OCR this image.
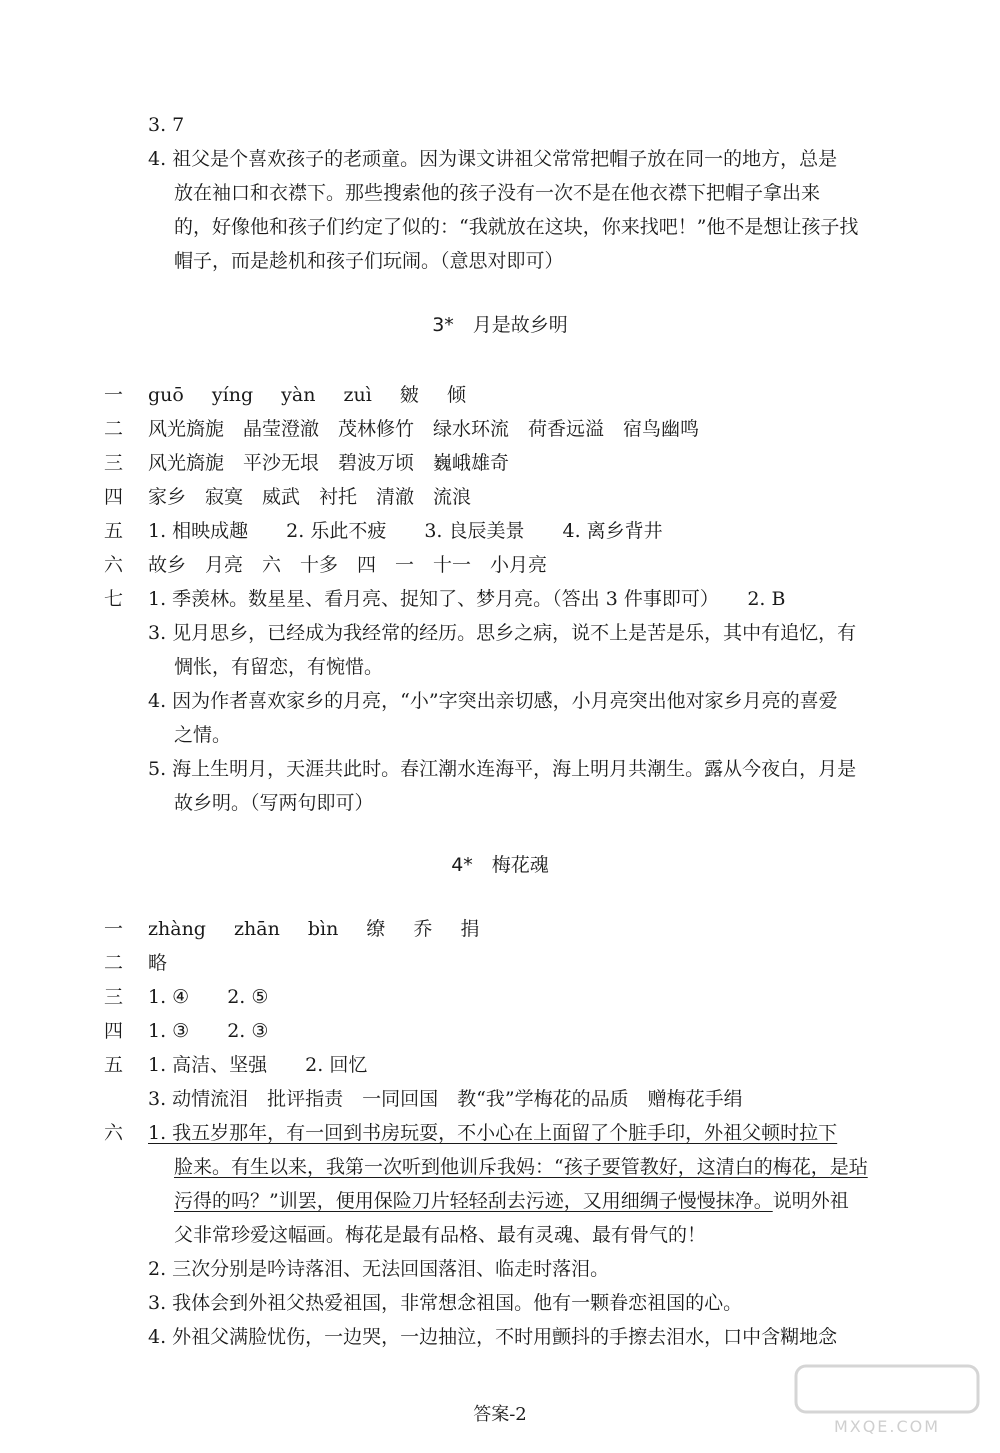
3. 7
4. 祖父是个喜欢孩子的老顽童。因为课文讲祖父常常把帽子放在同一的地方，总是
放在袖口和衣襟下。那些搜索他的孩子没有一次不是在他衣襟下把帽子拿出来
的，好像他和孩子们约定了似的：“我就放在这块，你来找吧！”他不是想让孩子找
帽子，而是趁机和孩子们玩闹。（意思对即可）
3*　月是故乡明
一 guō yíng yàn zuì 皴 倾
二 风光旖旎　晶莹澄澈　茂林修竹　绿水环流　荷香远溢　宿鸟幽鸣
三 风光旖旎　平沙无垠　碧波万顷　巍峨雄奇
四 家乡　寂寞　威武　衬托　清澈　流浪
五 1. 相映成趣　　2. 乐此不疲　　3. 良辰美景　　4. 离乡背井
六 故乡　月亮　六　十多　四　一　十一　小月亮
七 1. 季羡林。数星星、看月亮、捉知了、梦月亮。（答出 3 件事即可）　　2. B
3. 见月思乡，已经成为我经常的经历。思乡之病，说不上是苦是乐，其中有追忆，有
惆怅，有留恋，有惋惜。
4. 因为作者喜欢家乡的月亮，“小”字突出亲切感，小月亮突出他对家乡月亮的喜爱
之情。
5. 海上生明月，天涯共此时。春江潮水连海平，海上明月共潮生。露从今夜白，月是
故乡明。（写两句即可）
4*　梅花魂
一 zhàng zhān bìn 缭 乔 捐
二 略
三 1. ④　　2. ⑤
四 1. ③　　2. ③
五 1. 高洁、坚强　　2. 回忆
3. 动情流泪　批评指责　一同回国　教“我”学梅花的品质　赠梅花手绢
六 1. 我五岁那年，有一回到书房玩耍，不小心在上面留了个脏手印，外祖父顿时拉下
脸来。有生以来，我第一次听到他训斥我妈：“孩子要管教好，这清白的梅花，是玷
污得的吗？”训罢，便用保险刀片轻轻刮去污迹，又用细绸子慢慢抹净。说明外祖
父非常珍爱这幅画。梅花是最有品格、最有灵魂、最有骨气的！
2. 三次分别是吟诗落泪、无法回国落泪、临走时落泪。
3. 我体会到外祖父热爱祖国，非常想念祖国。他有一颗眷恋祖国的心。
4. 外祖父满脸忧伤，一边哭，一边抽泣，不时用颤抖的手擦去泪水，口中含糊地念
答案-2
MXQE.COM
